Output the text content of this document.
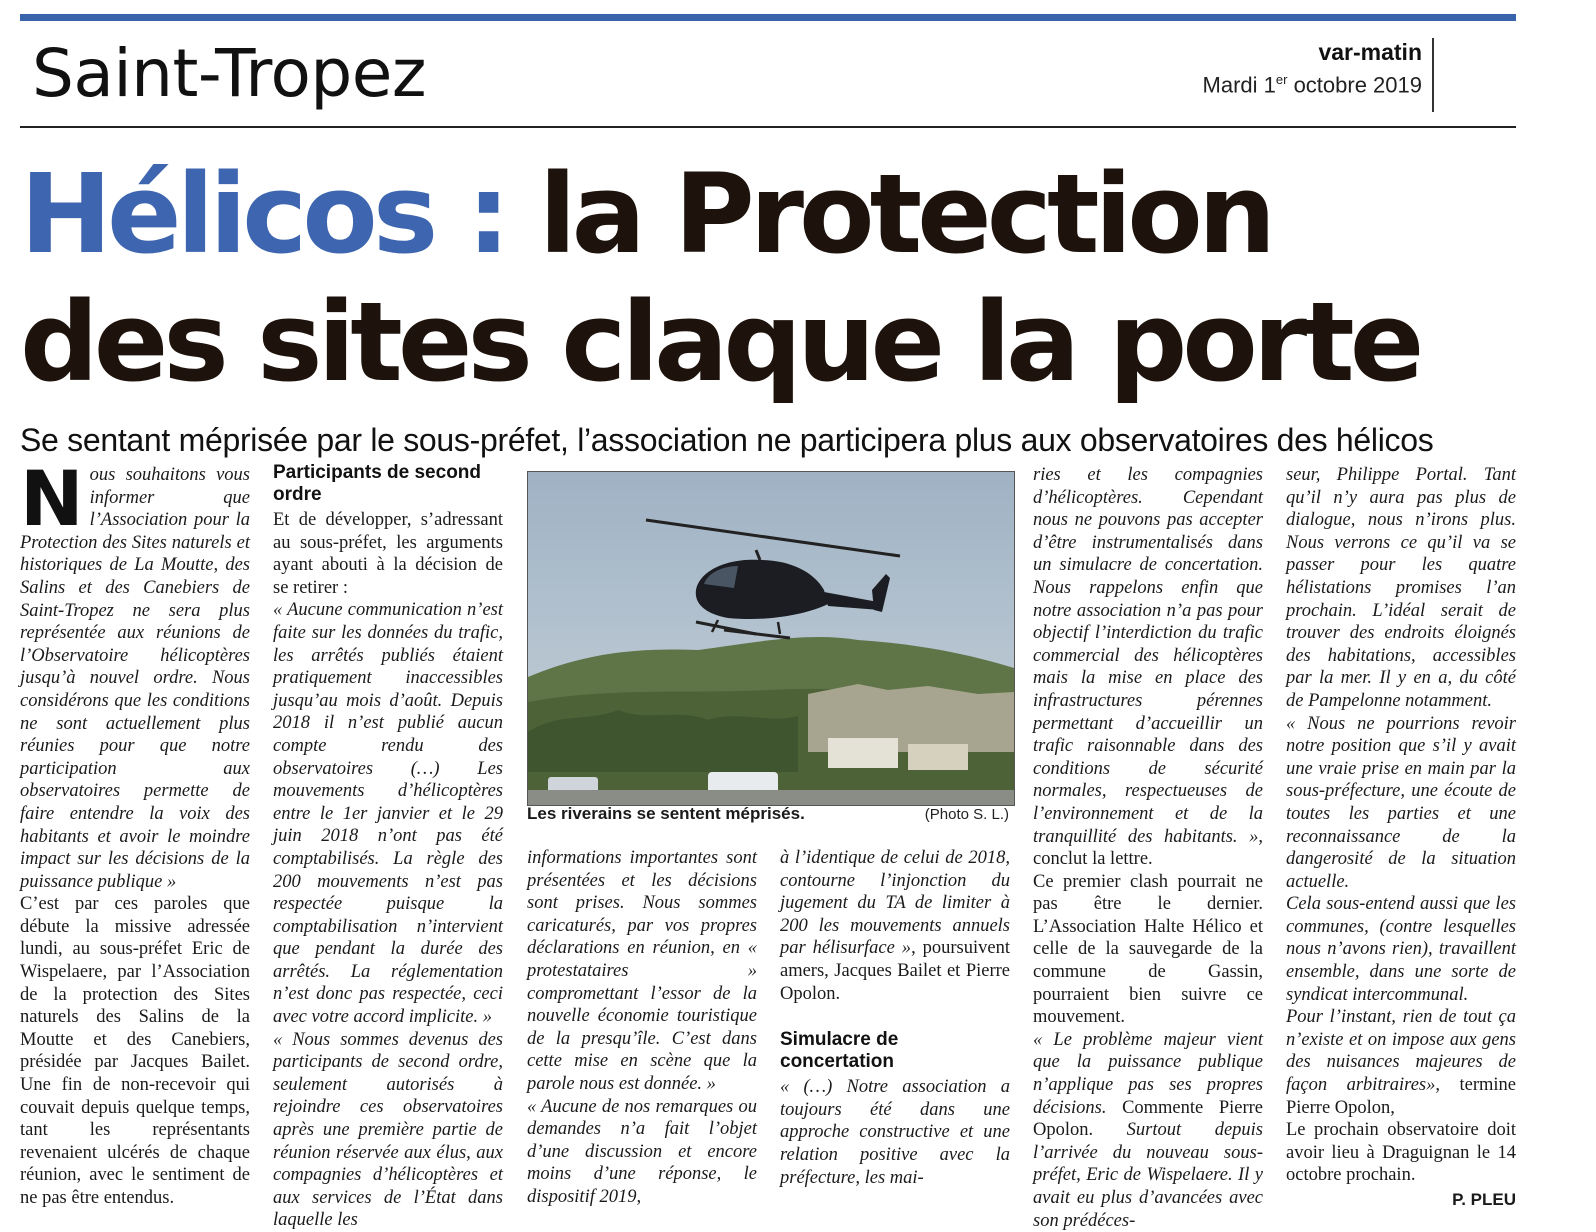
Saint-Tropez	var-matin
Mardi 1er octobre 2019
Hélicos : la Protection
des sites claque la porte
Se sentant méprisée par le sous-préfet, l’association ne participera plus aux observatoires des hélicos
N ous souhaitons vous informer que l’Association pour la Protection des Sites naturels et historiques de La Moutte, des Salins et des Canebiers de Saint-Tropez ne sera plus représentée aux réunions de l’Observatoire hélicoptères jusqu’à nouvel ordre. Nous considérons que les conditions ne sont actuellement plus réunies pour que notre participation aux observatoires permette de faire entendre la voix des habitants et avoir le moindre impact sur les décisions de la puissance publique »

C’est par ces paroles que débute la missive adressée lundi, au sous-préfet Eric de Wispelaere, par l’Association de la protection des Sites naturels des Salins de la Moutte et des Canebiers, présidée par Jacques Bailet. Une fin de non-recevoir qui couvait depuis quelque temps, tant les représentants revenaient ulcérés de chaque réunion, avec le sentiment de ne pas être entendus.

Participants de second ordre

Et de développer, s’adressant au sous-préfet, les arguments ayant abouti à la décision de se retirer :

« Aucune communication n’est faite sur les données du trafic, les arrêtés publiés étaient pratiquement inaccessibles jusqu’au mois d’août. Depuis 2018 il n’est publié aucun compte rendu des observatoires (…) Les mouvements d’hélicoptères entre le 1er janvier et le 29 juin 2018 n’ont pas été comptabilisés. La règle des 200 mouvements n’est pas respectée puisque la comptabilisation n’intervient que pendant la durée des arrêtés. La réglementation n’est donc pas respectée, ceci avec votre accord implicite. »

« Nous sommes devenus des participants de second ordre, seulement autorisés à rejoindre ces observatoires après une première partie de réunion réservée aux élus, aux compagnies d’hélicoptères et aux services de l’État dans laquelle les

Les riverains se sentent méprisés.	(Photo S. L.)

informations importantes sont présentées et les décisions sont prises. Nous sommes caricaturés, par vos propres déclarations en réunion, en « protestataires » compromettant l’essor de la nouvelle économie touristique de la presqu’île. C’est dans cette mise en scène que la parole nous est donnée. »

« Aucune de nos remarques ou demandes n’a fait l’objet d’une discussion et encore moins d’une réponse, le dispositif 2019,

à l’identique de celui de 2018, contourne l’injonction du jugement du TA de limiter à 200 les mouvements annuels par hélisurface », poursuivent amers, Jacques Bailet et Pierre Opolon.

Simulacre de concertation

« (…) Notre association a toujours été dans une approche constructive et une relation positive avec la préfecture, les mai-

ries et les compagnies d’hélicoptères. Cependant nous ne pouvons pas accepter d’être instrumentalisés dans un simulacre de concertation. Nous rappelons enfin que notre association n’a pas pour objectif l’interdiction du trafic commercial des hélicoptères mais la mise en place des infrastructures pérennes permettant d’accueillir un trafic raisonnable dans des conditions de sécurité normales, respectueuses de l’environnement et de la tranquillité des habitants. », conclut la lettre.

Ce premier clash pourrait ne pas être le dernier. L’Association Halte Hélico et celle de la sauvegarde de la commune de Gassin, pourraient bien suivre ce mouvement.

« Le problème majeur vient que la puissance publique n’applique pas ses propres décisions. Commente Pierre Opolon. Surtout depuis l’arrivée du nouveau sous-préfet, Eric de Wispelaere. Il y avait eu plus d’avancées avec son prédéces-

seur, Philippe Portal. Tant qu’il n’y aura pas plus de dialogue, nous n’irons plus. Nous verrons ce qu’il va se passer pour les quatre hélistations promises l’an prochain. L’idéal serait de trouver des endroits éloignés des habitations, accessibles par la mer. Il y en a, du côté de Pampelonne notamment.

« Nous ne pourrions revoir notre position que s’il y avait une vraie prise en main par la sous-préfecture, une écoute de toutes les parties et une reconnaissance de la dangerosité de la situation actuelle.

Cela sous-entend aussi que les communes, (contre lesquelles nous n’avons rien), travaillent ensemble, dans une sorte de syndicat intercommunal.

Pour l’instant, rien de tout ça n’existe et on impose aux gens des nuisances majeures de façon arbitraires», termine Pierre Opolon,

Le prochain observatoire doit avoir lieu à Draguignan le 14 octobre prochain.

P. PLEU
